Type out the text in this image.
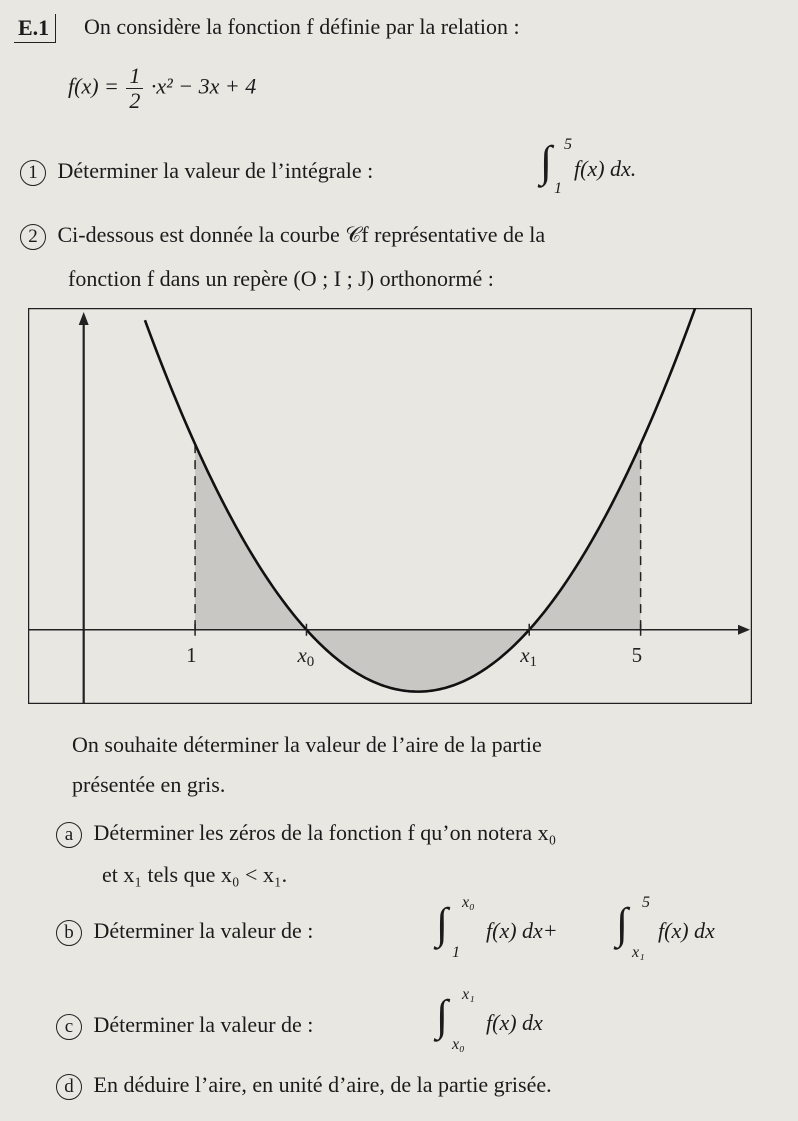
E.1	On considère la fonction f définie par la relation :
$f(x) = \frac{1}{2} \cdot x^2 - 3x + 4$
1 Déterminer la valeur de l’intégrale :	∫ 5
1
f(x) dx.
2 Ci-dessous est donnée la courbe 𝒞f représentative de la
fonction f dans un repère (O ; I ; J) orthonormé :
1	x0	x1	5
On souhaite déterminer la valeur de l’aire de la partie
présentée en gris.
a Déterminer les zéros de la fonction f qu’on notera x₀
et x₁ tels que x₀ < x₁.
b Déterminer la valeur de :	∫ x₀
1
f(x) dx+ ∫ 5
x₁
f(x) dx
c Déterminer la valeur de :	∫ x₁
x₀
f(x) dx
d En déduire l’aire, en unité d’aire, de la partie grisée.
